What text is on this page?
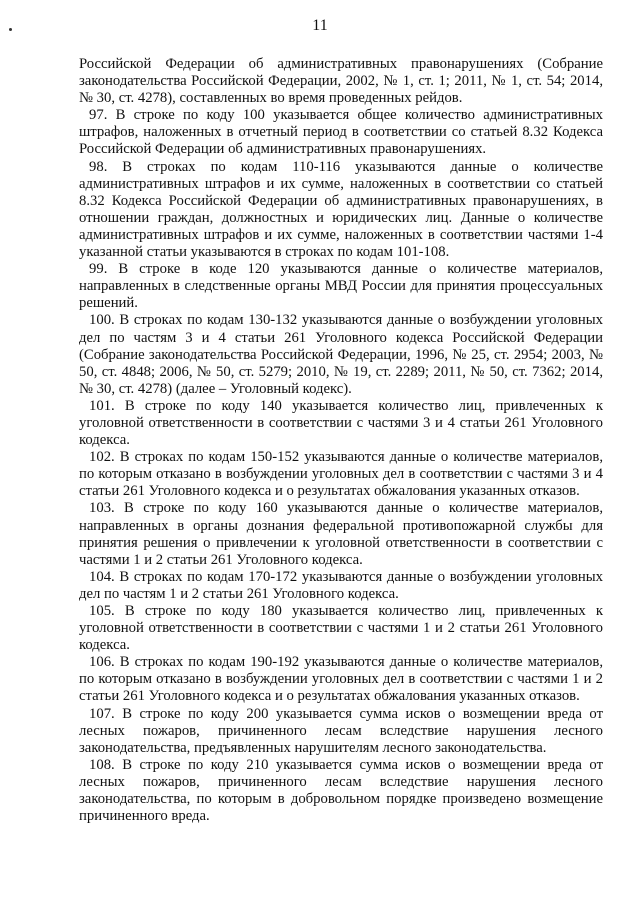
11

Российской Федерации об административных правонарушениях (Собрание законодательства Российской Федерации, 2002, № 1, ст. 1; 2011, № 1, ст. 54; 2014, № 30, ст. 4278), составленных во время проведенных рейдов.

97. В строке по коду 100 указывается общее количество административных штрафов, наложенных в отчетный период в соответствии со статьей 8.32 Кодекса Российской Федерации об административных правонарушениях.

98. В строках по кодам 110-116 указываются данные о количестве административных штрафов и их сумме, наложенных в соответствии со статьей 8.32 Кодекса Российской Федерации об административных правонарушениях, в отношении граждан, должностных и юридических лиц. Данные о количестве административных штрафов и их сумме, наложенных в соответствии частями 1-4 указанной статьи указываются в строках по кодам 101-108.

99. В строке в коде 120 указываются данные о количестве материалов, направленных в следственные органы МВД России для принятия процессуальных решений.

100. В строках по кодам 130-132 указываются данные о возбуждении уголовных дел по частям 3 и 4 статьи 261 Уголовного кодекса Российской Федерации (Собрание законодательства Российской Федерации, 1996, № 25, ст. 2954; 2003, № 50, ст. 4848; 2006, № 50, ст. 5279; 2010, № 19, ст. 2289; 2011, № 50, ст. 7362; 2014, № 30, ст. 4278) (далее – Уголовный кодекс).

101. В строке по коду 140 указывается количество лиц, привлеченных к уголовной ответственности в соответствии с частями 3 и 4 статьи 261 Уголовного кодекса.

102. В строках по кодам 150-152 указываются данные о количестве материалов, по которым отказано в возбуждении уголовных дел в соответствии с частями 3 и 4 статьи 261 Уголовного кодекса и о результатах обжалования указанных отказов.

103. В строке по коду 160 указываются данные о количестве материалов, направленных в органы дознания федеральной противопожарной службы для принятия решения о привлечении к уголовной ответственности в соответствии с частями 1 и 2 статьи 261 Уголовного кодекса.

104. В строках по кодам 170-172 указываются данные о возбуждении уголовных дел по частям 1 и 2 статьи 261 Уголовного кодекса.

105. В строке по коду 180 указывается количество лиц, привлеченных к уголовной ответственности в соответствии с частями 1 и 2 статьи 261 Уголовного кодекса.

106. В строках по кодам 190-192 указываются данные о количестве материалов, по которым отказано в возбуждении уголовных дел в соответствии с частями 1 и 2 статьи 261 Уголовного кодекса и о результатах обжалования указанных отказов.

107. В строке по коду 200 указывается сумма исков о возмещении вреда от лесных пожаров, причиненного лесам вследствие нарушения лесного законодательства, предъявленных нарушителям лесного законодательства.

108. В строке по коду 210 указывается сумма исков о возмещении вреда от лесных пожаров, причиненного лесам вследствие нарушения лесного законодательства, по которым в добровольном порядке произведено возмещение причиненного вреда.
